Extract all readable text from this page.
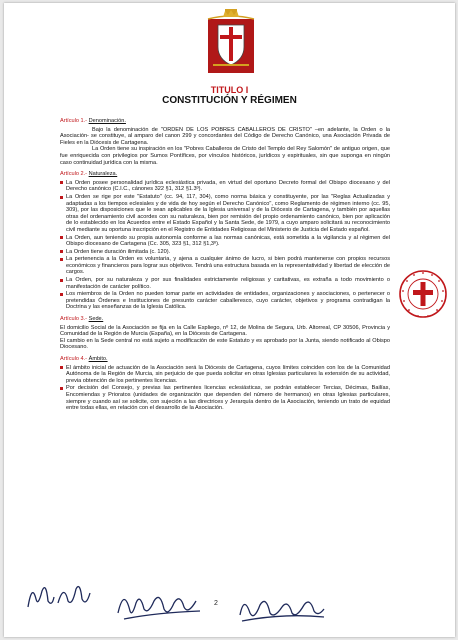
TITULO I
CONSTITUCIÓN Y RÉGIMEN
Artículo 1.- Denominación.

Bajo la denominación de "ORDEN DE LOS POBRES CABALLEROS DE CRISTO" –en adelante, la Orden o la Asociación- se constituye, al amparo del canon 299 y concordantes del Código de Derecho Canónico, una Asociación Privada de Fieles en la Diócesis de Cartagena.

La Orden tiene su inspiración en los "Pobres Caballeros de Cristo del Templo del Rey Salomón" de antiguo origen, que fue enriquecida con privilegios por Sumos Pontífices, por vínculos históricos, jurídicos y espirituales, sin que suponga en ningún caso continuidad jurídica con la misma.

Artículo 2.- Naturaleza.
La Orden posee personalidad jurídica eclesiástica privada, en virtud del oportuno Decreto formal del Obispo diocesano y del Derecho canónico (C.I.C., cánones 322 §1, 312 §1.3º).
La Orden se rige por este "Estatuto" (cc. 94, 117, 304), como norma básica y constituyente, por las "Reglas Actualizadas y adaptadas a los tiempos eclesiales y de vida de hoy según el Derecho Canónico", como Reglamento de régimen interno (cc. 95, 309), por las disposiciones que le sean aplicables de la Iglesia universal y de la Diócesis de Cartagena, y también por aquellas otras del ordenamiento civil acordes con su naturaleza, bien por remisión del propio ordenamiento canónico, bien por aplicación de lo establecido en los Acuerdos entre el Estado Español y la Santa Sede, de 1979, a cuyo amparo solicitará su reconocimiento civil mediante su oportuna inscripción en el Registro de Entidades Religiosas del Ministerio de Justicia del Estado español.
La Orden, aun teniendo su propia autonomía conforme a las normas canónicas, está sometida a la vigilancia y al régimen del Obispo diocesano de Cartagena (Cc. 305, 323 §1, 312 §1,3º).
La Orden tiene duración ilimitada (c. 120).
La pertenencia a la Orden es voluntaria, y ajena a cualquier ánimo de lucro, si bien podrá mantenerse con propios recursos económicos y financieros para lograr sus objetivos. Tendrá una estructura basada en la representatividad y libertad de elección de cargos.
La Orden, por su naturaleza y por sus finalidades estrictamente religiosas y caritativas, es extraña a todo movimiento o manifestación de carácter político.
Los miembros de la Orden no pueden tomar parte en actividades de entidades, organizaciones y asociaciones, o pertenecer o pretendidas Órdenes e Instituciones de presunto carácter caballeresco, cuyo carácter, objetivos y programa contradigan la Doctrina y las enseñanzas de la Iglesia Católica.
Artículo 3.- Sede.

El domicilio Social de la Asociación se fija en la Calle Espliego, nº 12, de Molina de Segura, Urb. Altorreal, CP 30506, Provincia y Comunidad de la Región de Murcia (España), en la Diócesis de Cartagena.

El cambio en la Sede central no está sujeto a modificación de este Estatuto y es aprobado por la Junta, siendo notificado al Obispo Diocesano.

Artículo 4.- Ámbito.
El ámbito inicial de actuación de la Asociación será la Diócesis de Cartagena, cuyos límites coinciden con los de la Comunidad Autónoma de la Región de Murcia, sin perjuicio de que pueda solicitar en otras Iglesias particulares la extensión de su actividad, previa obtención de los pertinentes licencias.
Por decisión del Consejo, y previas las pertinentes licencias eclesiásticas, se podrán establecer Tercias, Décimas, Bailías, Encomiendas y Prioratos (unidades de organización que dependen del número de hermanos) en otras Iglesias particulares, siempre y cuando así se solicite, con sujeción a las directrices y Jerarquía dentro de la Asociación, teniendo un trato de equidad entre todas ellas, en relación con el desarrollo de la Asociación.
2
